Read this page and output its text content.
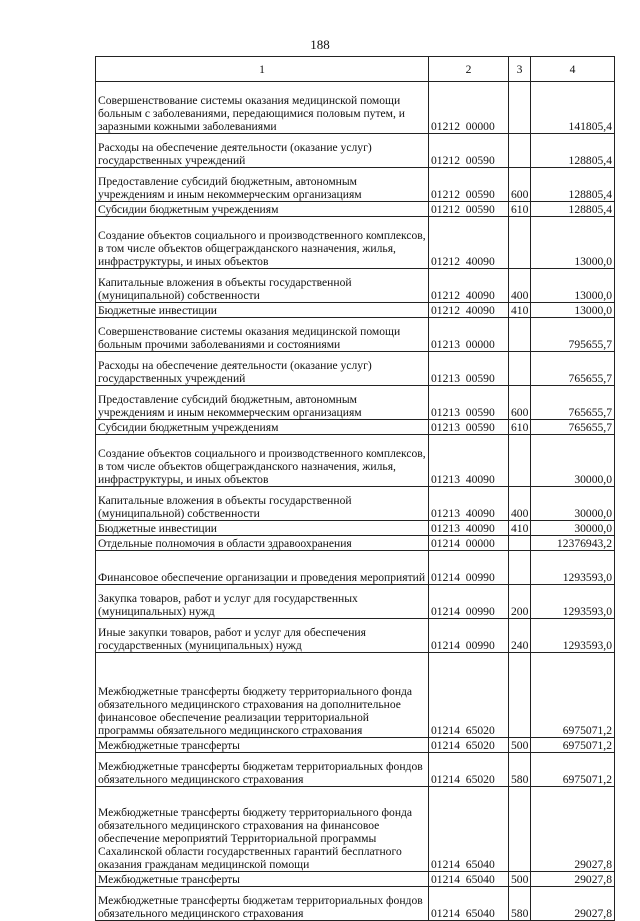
188
1	2	3	4
Совершенствование системы оказания медицинской помощи больным с заболеваниями, передающимися половым путем, и заразными кожными заболеваниями	01212  00000		141805,4
Расходы на обеспечение деятельности (оказание услуг) государственных учреждений	01212  00590		128805,4
Предоставление субсидий бюджетным, автономным учреждениям и иным некоммерческим организациям	01212  00590	600	128805,4
Субсидии бюджетным учреждениям	01212  00590	610	128805,4
Создание объектов социального и производственного комплексов, в том числе объектов общегражданского назначения, жилья, инфраструктуры, и иных объектов	01212  40090		13000,0
Капитальные вложения в объекты государственной (муниципальной) собственности	01212  40090	400	13000,0
Бюджетные инвестиции	01212  40090	410	13000,0
Совершенствование системы оказания медицинской помощи больным прочими заболеваниями и состояниями	01213  00000		795655,7
Расходы на обеспечение деятельности (оказание услуг) государственных учреждений	01213  00590		765655,7
Предоставление субсидий бюджетным, автономным учреждениям и иным некоммерческим организациям	01213  00590	600	765655,7
Субсидии бюджетным учреждениям	01213  00590	610	765655,7
Создание объектов социального и производственного комплексов, в том числе объектов общегражданского назначения, жилья, инфраструктуры, и иных объектов	01213  40090		30000,0
Капитальные вложения в объекты государственной (муниципальной) собственности	01213  40090	400	30000,0
Бюджетные инвестиции	01213  40090	410	30000,0
Отдельные полномочия в области здравоохранения	01214  00000		12376943,2
Финансовое обеспечение организации и проведения мероприятий	01214  00990		1293593,0
Закупка товаров, работ и услуг для государственных (муниципальных) нужд	01214  00990	200	1293593,0
Иные закупки товаров, работ и услуг для обеспечения государственных (муниципальных) нужд	01214  00990	240	1293593,0
Межбюджетные трансферты бюджету территориального фонда обязательного медицинского страхования на дополнительное финансовое обеспечение реализации территориальной программы обязательного медицинского страхования	01214  65020		6975071,2
Межбюджетные трансферты	01214  65020	500	6975071,2
Межбюджетные трансферты бюджетам территориальных фондов обязательного медицинского страхования	01214  65020	580	6975071,2
Межбюджетные трансферты бюджету территориального фонда обязательного медицинского страхования на финансовое обеспечение мероприятий Территориальной программы Сахалинской области государственных гарантий бесплатного оказания гражданам медицинской помощи	01214  65040		29027,8
Межбюджетные трансферты	01214  65040	500	29027,8
Межбюджетные трансферты бюджетам территориальных фондов обязательного медицинского страхования	01214  65040	580	29027,8
